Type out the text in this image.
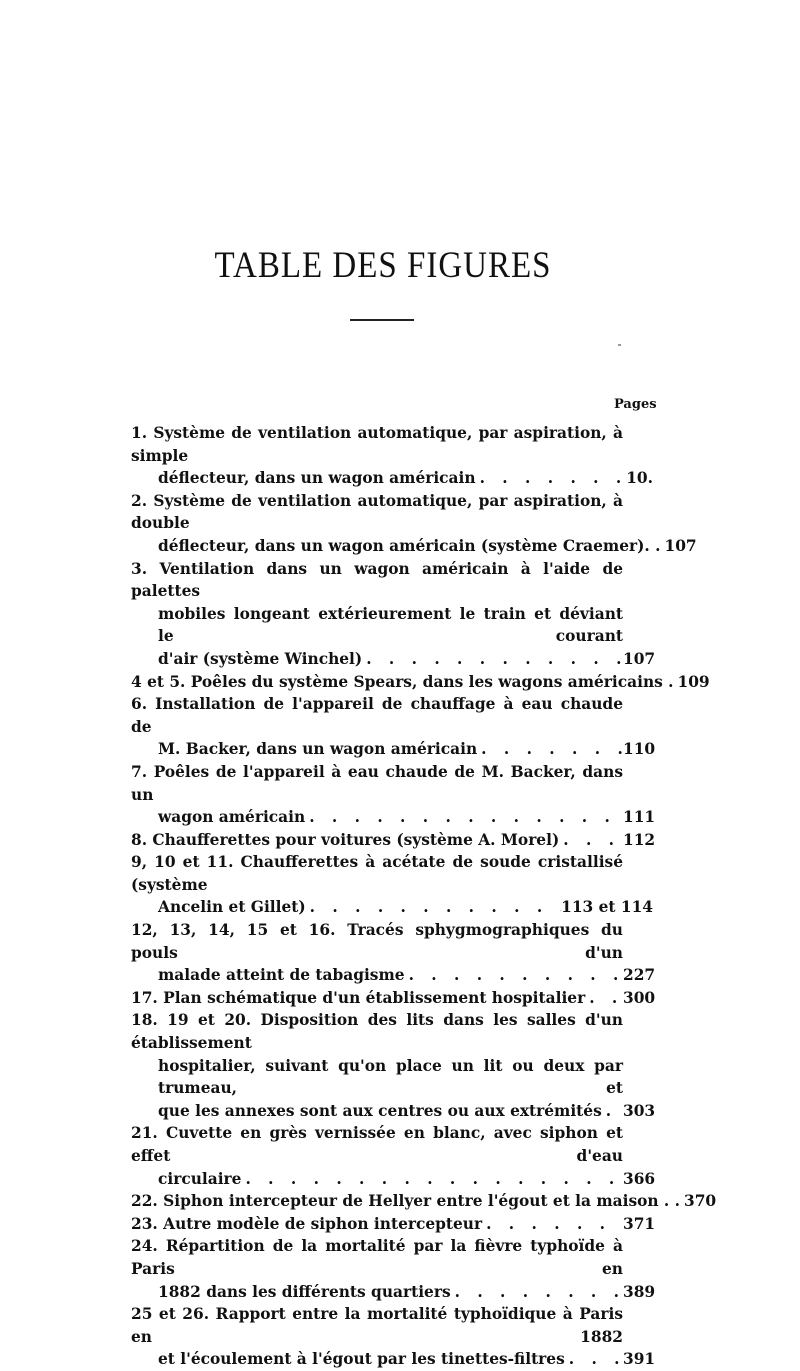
TABLE DES FIGURES
Pages
1. Système de ventilation automatique, par aspiration, à simple
déflecteur, dans un wagon américain . . .	10.
2. Système de ventilation automatique, par aspiration, à double
déflecteur, dans un wagon américain (système Craemer). . . . . 107
3. Ventilation dans un wagon américain à l'aide de palettes
mobiles longeant extérieurement le train et déviant le courant
d'air (système Winchel) . . .	107
4 et 5. Poêles du système Spears, dans les wagons américains . . . . 109
6. Installation de l'appareil de chauffage à eau chaude de
M. Backer, dans un wagon américain . . .	110
7. Poêles de l'appareil à eau chaude de M. Backer, dans un
wagon américain . . .	111
8. Chaufferettes pour voitures (système A. Morel) . . .	112
9, 10 et 11. Chaufferettes à acétate de soude cristallisé (système
Ancelin et Gillet) . . .	113 et 114
12, 13, 14, 15 et 16. Tracés sphygmographiques du pouls d'un
malade atteint de tabagisme . . .	227
17. Plan schématique d'un établissement hospitalier . . . 300
18. 19 et 20. Disposition des lits dans les salles d'un établissement
hospitalier, suivant qu'on place un lit ou deux par trumeau, et
que les annexes sont aux centres ou aux extrémités . . . 303
21. Cuvette en grès vernissée en blanc, avec siphon et effet d'eau
circulaire . . .	366
22. Siphon intercepteur de Hellyer entre l'égout et la maison . . . . . 370
23. Autre modèle de siphon intercepteur . . .	371
24. Répartition de la mortalité par la fièvre typhoïde à Paris en
1882 dans les différents quartiers . . .	389
25 et 26. Rapport entre la mortalité typhoïdique à Paris en 1882
et l'écoulement à l'égout par les tinettes-filtres . . .	391
